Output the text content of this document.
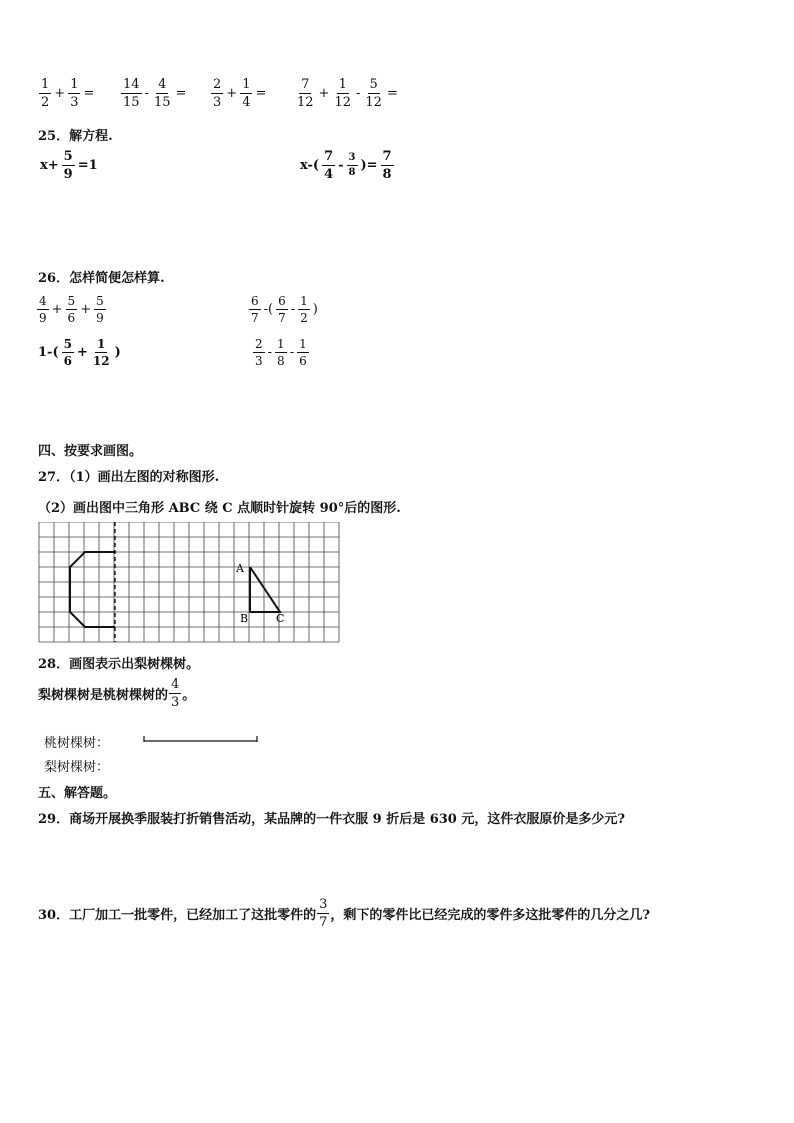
$\frac{1}{2} + \frac{1}{3} = \frac{14}{15} - \frac{4}{15} = \frac{2}{3} + \frac{1}{4} = \frac{7}{12} + \frac{1}{12} - \frac{5}{12}$ =
25．解方程.
$x+ \frac{5}{9} =1$	$x-( \frac{7}{4} - \frac{3}{8}$ )= $\frac{7}{8}$
26．怎样简便怎样算.
$\frac{4}{9} + \frac{5}{6} + \frac{5}{9}$	$\frac{6}{7}$ -( $\frac{6}{7} - \frac{1}{2}$ )
$1-( \frac{5}{6} + \frac{1}{12}$ )	$\frac{2}{3} - \frac{1}{8} - \frac{1}{6}$
四、按要求画图。
27．（1）画出左图的对称图形.
（2）画出图中三角形 ABC 绕 C 点顺时针旋转 90°后的图形.
A
B	C
28．画图表示出梨树棵树。
梨树棵树是桃树棵树的 $\frac{4}{3}$ 。
桃树棵树：
梨树棵树：
五、解答题。
29．商场开展换季服装打折销售活动，某品牌的一件衣服 9 折后是 630 元，这件衣服原价是多少元?
30．工厂加工一批零件，已经加工了这批零件的 $\frac{3}{7}$ ，剩下的零件比已经完成的零件多这批零件的几分之几?
